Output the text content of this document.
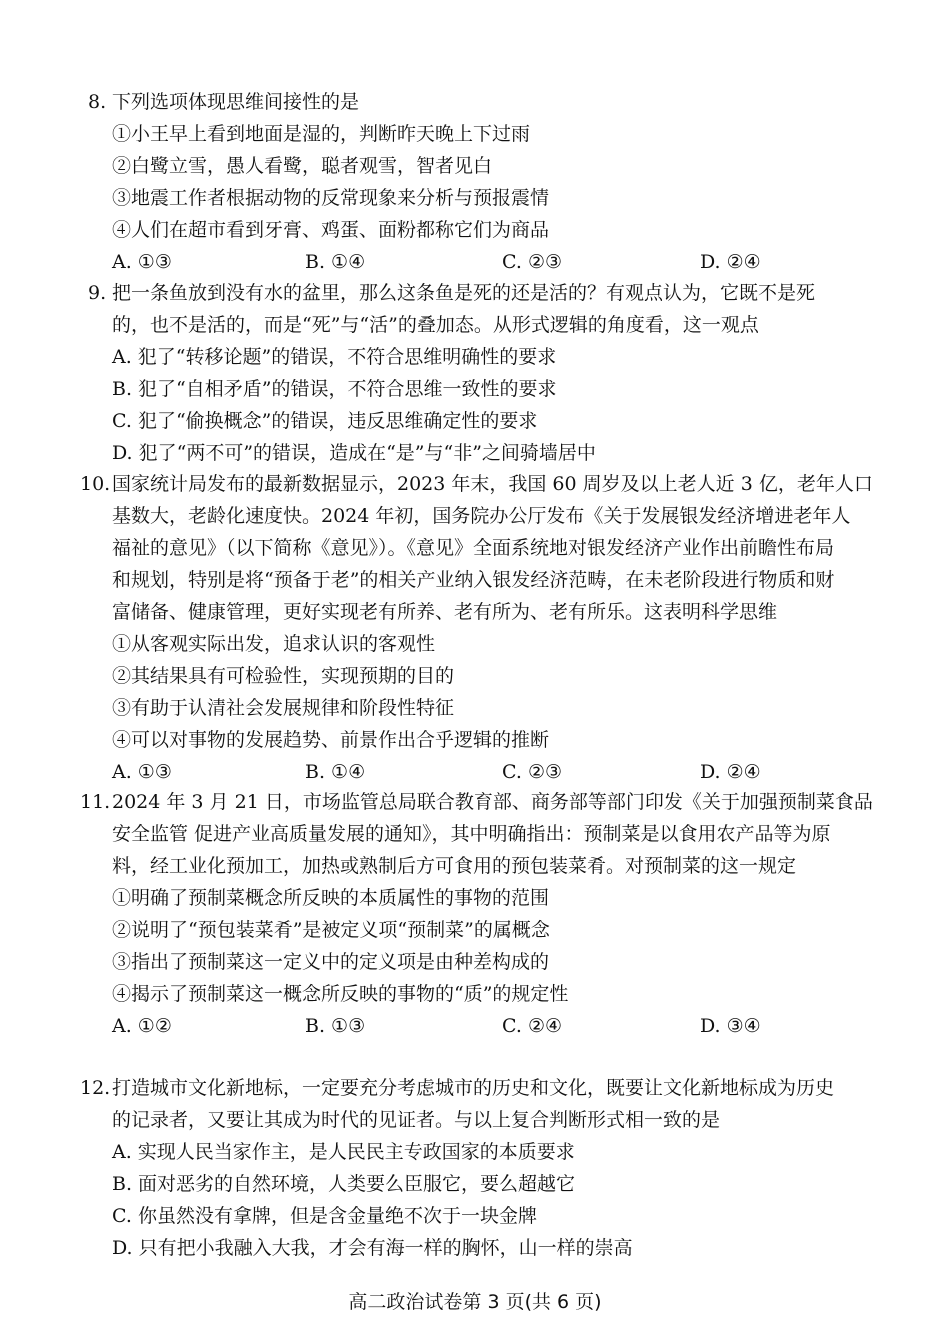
8. 下列选项体现思维间接性的是
①小王早上看到地面是湿的，判断昨天晚上下过雨
②白鹭立雪，愚人看鹭，聪者观雪，智者见白
③地震工作者根据动物的反常现象来分析与预报震情
④人们在超市看到牙膏、鸡蛋、面粉都称它们为商品
A. ①③	B. ①④	C. ②③	D. ②④
9. 把一条鱼放到没有水的盆里，那么这条鱼是死的还是活的？有观点认为，它既不是死
的，也不是活的，而是“死”与“活”的叠加态。从形式逻辑的角度看，这一观点
A. 犯了“转移论题”的错误，不符合思维明确性的要求
B. 犯了“自相矛盾”的错误，不符合思维一致性的要求
C. 犯了“偷换概念”的错误，违反思维确定性的要求
D. 犯了“两不可”的错误，造成在“是”与“非”之间骑墙居中
10. 国家统计局发布的最新数据显示，2023 年末，我国 60 周岁及以上老人近 3 亿，老年人口
基数大，老龄化速度快。2024 年初，国务院办公厅发布《关于发展银发经济增进老年人
福祉的意见》（以下简称《意见》）。《意见》全面系统地对银发经济产业作出前瞻性布局
和规划，特别是将“预备于老”的相关产业纳入银发经济范畴，在未老阶段进行物质和财
富储备、健康管理，更好实现老有所养、老有所为、老有所乐。这表明科学思维
①从客观实际出发，追求认识的客观性
②其结果具有可检验性，实现预期的目的
③有助于认清社会发展规律和阶段性特征
④可以对事物的发展趋势、前景作出合乎逻辑的推断
A. ①③	B. ①④	C. ②③	D. ②④
11. 2024 年 3 月 21 日，市场监管总局联合教育部、商务部等部门印发《关于加强预制菜食品
安全监管 促进产业高质量发展的通知》，其中明确指出：预制菜是以食用农产品等为原
料，经工业化预加工，加热或熟制后方可食用的预包装菜肴。对预制菜的这一规定
①明确了预制菜概念所反映的本质属性的事物的范围
②说明了“预包装菜肴”是被定义项“预制菜”的属概念
③指出了预制菜这一定义中的定义项是由种差构成的
④揭示了预制菜这一概念所反映的事物的“质”的规定性
A. ①②	B. ①③	C. ②④	D. ③④
12. 打造城市文化新地标，一定要充分考虑城市的历史和文化，既要让文化新地标成为历史
的记录者，又要让其成为时代的见证者。与以上复合判断形式相一致的是
A. 实现人民当家作主，是人民民主专政国家的本质要求
B. 面对恶劣的自然环境，人类要么臣服它，要么超越它
C. 你虽然没有拿牌，但是含金量绝不次于一块金牌
D. 只有把小我融入大我，才会有海一样的胸怀，山一样的崇高
高二政治试卷第 3 页(共 6 页)
